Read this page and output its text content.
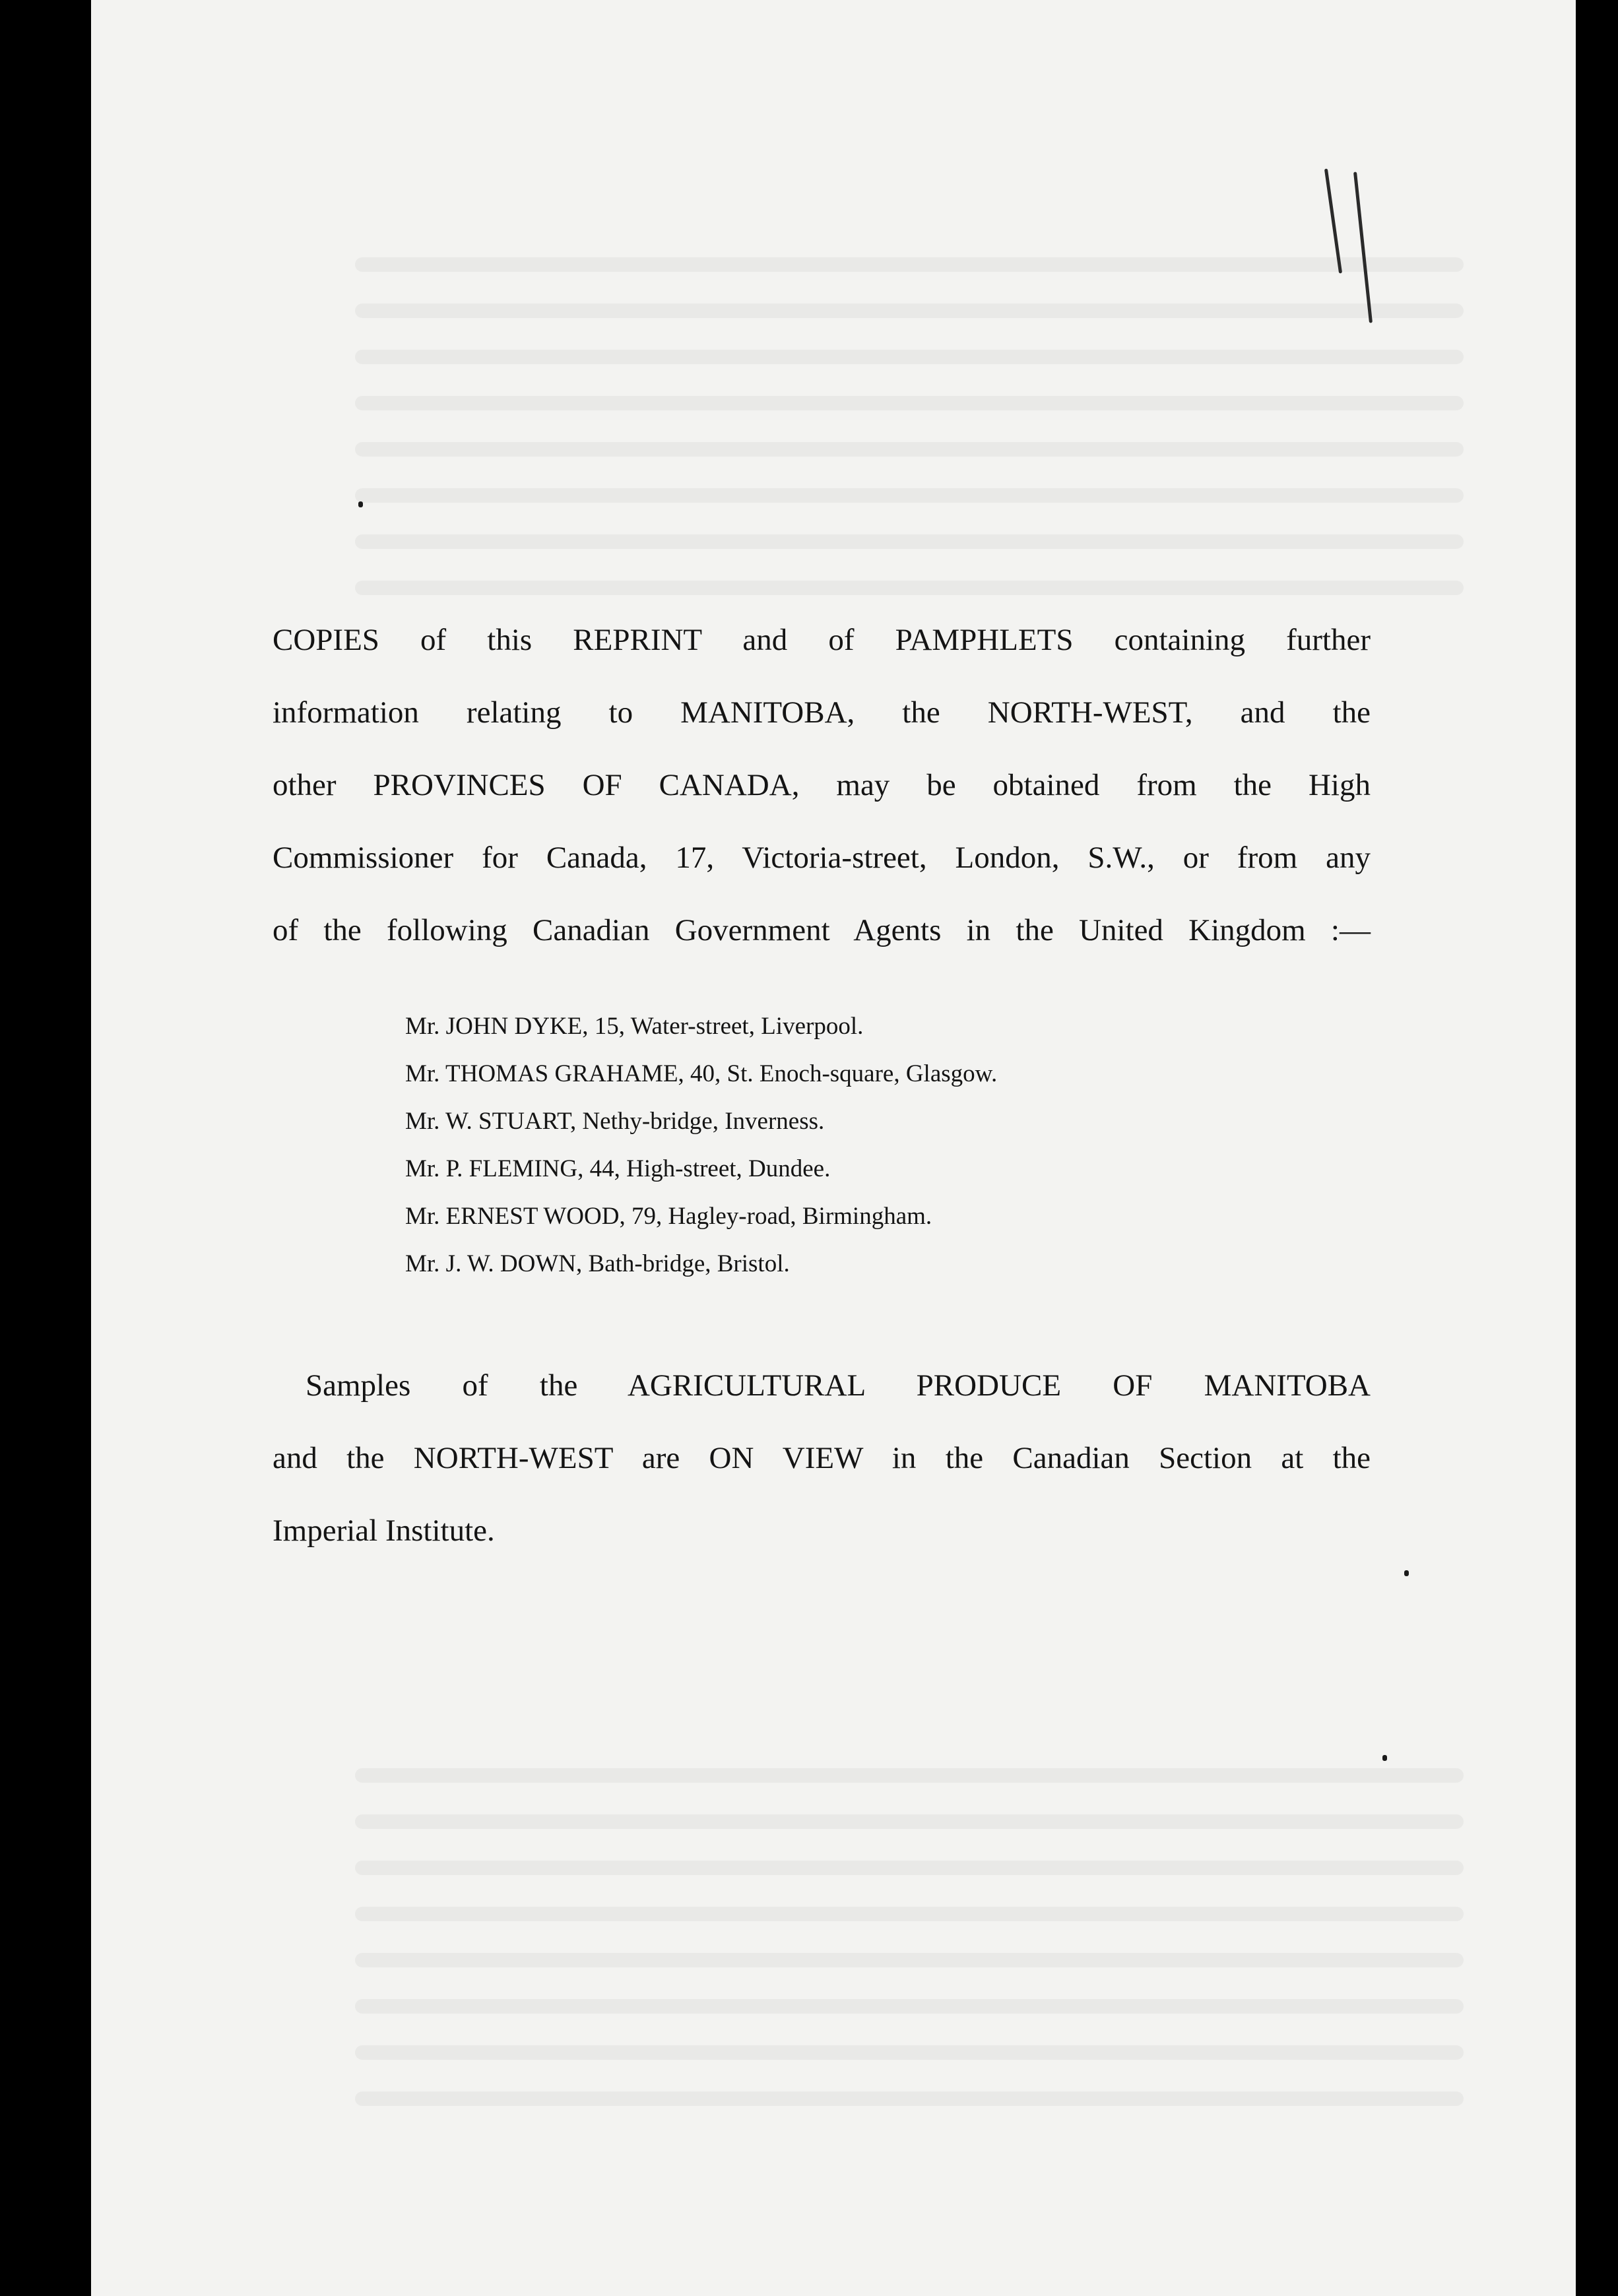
COPIES of this REPRINT and of PAMPHLETS containing further
information relating to MANITOBA, the NORTH-WEST, and the
other PROVINCES OF CANADA, may be obtained from the High
Commissioner for Canada, 17, Victoria-street, London, S.W., or from any
of the following Canadian Government Agents in the United Kingdom :—

Mr. JOHN DYKE, 15, Water-street, Liverpool.
Mr. THOMAS GRAHAME, 40, St. Enoch-square, Glasgow.
Mr. W. STUART, Nethy-bridge, Inverness.
Mr. P. FLEMING, 44, High-street, Dundee.
Mr. ERNEST WOOD, 79, Hagley-road, Birmingham.
Mr. J. W. DOWN, Bath-bridge, Bristol.

Samples of the AGRICULTURAL PRODUCE OF MANITOBA
and the NORTH-WEST are ON VIEW in the Canadian Section at the
Imperial Institute.
